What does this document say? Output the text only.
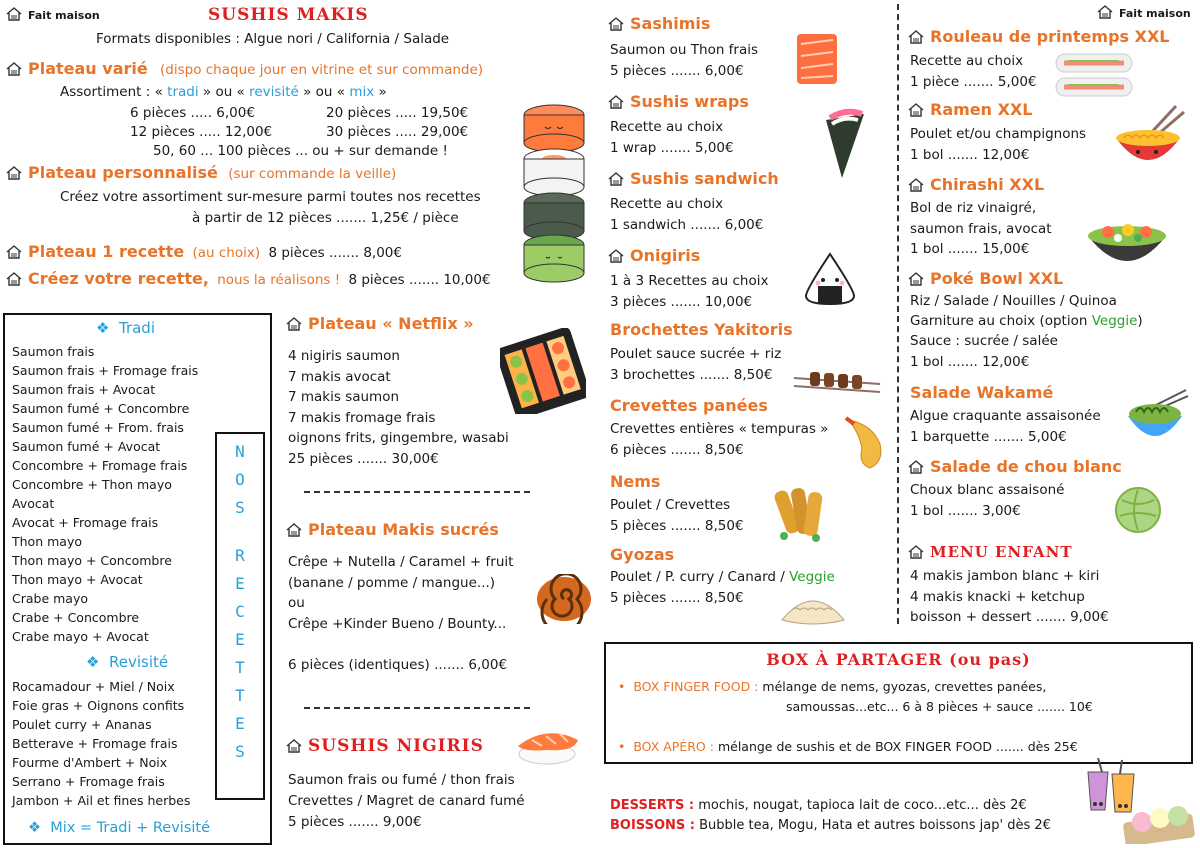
Fait maison	SUSHIS MAKIS
Formats disponibles : Algue nori / California / Salade
Plateau varié (dispo chaque jour en vitrine et sur commande)
Assortiment : « tradi » ou « revisité » ou « mix »
6 pièces ..... 6,00€	20 pièces ..... 19,50€
12 pièces ..... 12,00€	30 pièces ..... 29,00€
50, 60 ... 100 pièces ... ou + sur demande !
Plateau personnalisé (sur commande la veille)
Créez votre assortiment sur-mesure parmi toutes nos recettes
à partir de 12 pièces ....... 1,25€ / pièce
Plateau 1 recette (au choix) 8 pièces ....... 8,00€
Créez votre recette, nous la réalisons ! 8 pièces ....... 10,00€
❖  Tradi
Saumon frais
Saumon frais + Fromage frais
Saumon frais + Avocat
Saumon fumé + Concombre
Saumon fumé + From. frais
Saumon fumé + Avocat
Concombre + Fromage frais
Concombre + Thon mayo
Avocat
Avocat + Fromage frais
Thon mayo
Thon mayo + Concombre
Thon mayo + Avocat
Crabe mayo
Crabe + Concombre
Crabe mayo + Avocat
❖  Revisité
Rocamadour + Miel / Noix
Foie gras + Oignons confits
Poulet curry + Ananas
Betterave + Fromage frais
Fourme d'Ambert + Noix
Serrano + Fromage frais
Jambon + Ail et fines herbes
❖  Mix = Tradi + Revisité
N
O
S
R
E
C
E
T
T
E
S
Plateau « Netflix »
4 nigiris saumon
7 makis avocat
7 makis saumon
7 makis fromage frais
oignons frits, gingembre, wasabi
25 pièces ....... 30,00€
Plateau Makis sucrés
Crêpe + Nutella / Caramel + fruit
(banane / pomme / mangue...)
ou
Crêpe +Kinder Bueno / Bounty...
6 pièces (identiques) ....... 6,00€
SUSHIS NIGIRIS
Saumon frais ou fumé / thon frais
Crevettes / Magret de canard fumé
5 pièces ....... 9,00€
Sashimis
Saumon ou Thon frais
5 pièces ....... 6,00€
Sushis wraps
Recette au choix
1 wrap ....... 5,00€
Sushis sandwich
Recette au choix
1 sandwich ....... 6,00€
Onigiris
1 à 3 Recettes au choix
3 pièces ....... 10,00€
Brochettes Yakitoris
Poulet sauce sucrée + riz
3 brochettes ....... 8,50€
Crevettes panées
Crevettes entières « tempuras »
6 pièces ....... 8,50€
Nems
Poulet / Crevettes
5 pièces ....... 8,50€
Gyozas
Poulet / P. curry / Canard / Veggie
5 pièces ....... 8,50€
Fait maison
Rouleau de printemps XXL
Recette au choix
1 pièce ....... 5,00€
Ramen XXL
Poulet et/ou champignons
1 bol ....... 12,00€
Chirashi XXL
Bol de riz vinaigré,
saumon frais, avocat
1 bol ....... 15,00€
Poké Bowl XXL
Riz / Salade / Nouilles / Quinoa
Garniture au choix (option Veggie)
Sauce : sucrée / salée
1 bol ....... 12,00€
Salade Wakamé
Algue craquante assaisonée
1 barquette ....... 5,00€
Salade de chou blanc
Choux blanc assaisoné
1 bol ....... 3,00€
MENU ENFANT
4 makis jambon blanc + kiri
4 makis knacki + ketchup
boisson + dessert ....... 9,00€
BOX À PARTAGER (ou pas)
• BOX FINGER FOOD : mélange de nems, gyozas, crevettes panées,
samoussas...etc... 6 à 8 pièces + sauce ....... 10€
• BOX APÉRO : mélange de sushis et de BOX FINGER FOOD ....... dès 25€
DESSERTS : mochis, nougat, tapioca lait de coco...etc... dès 2€
BOISSONS : Bubble tea, Mogu, Hata et autres boissons jap' dès 2€
